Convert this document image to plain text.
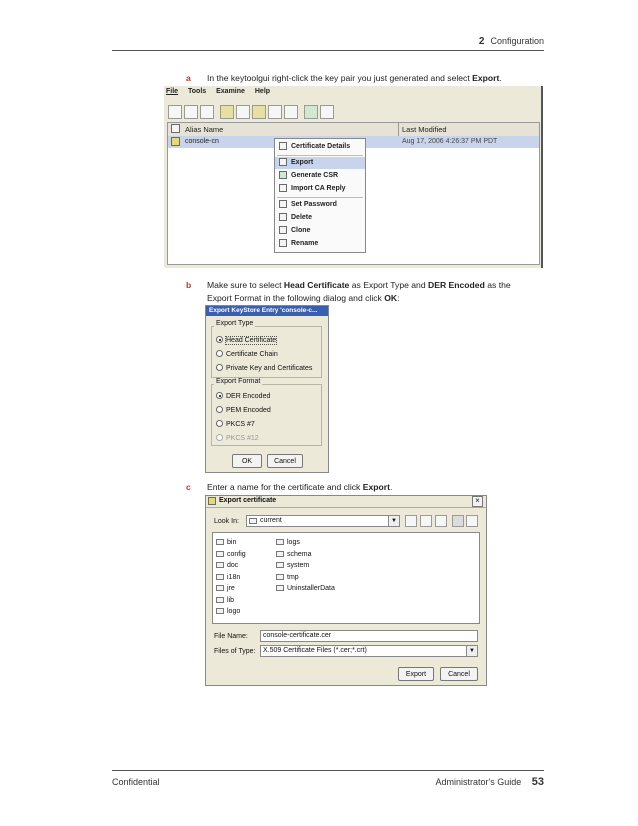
2 Configuration
a In the keytoolgui right-click the key pair you just generated and select Export.
File Tools Examine Help
Alias Name	Last Modified
console-cn	Aug 17, 2006 4:26:37 PM PDT
Certificate Details
Export
Generate CSR
Import CA Reply
Set Password
Delete
Clone
Rename
b Make sure to select Head Certificate as Export Type and DER Encoded as the
Export Format in the following dialog and click OK:
Export KeyStore Entry 'console-c...
Export Type
Head Certificate
Certificate Chain
Private Key and Certificates
Export Format
DER Encoded
PEM Encoded
PKCS #7
PKCS #12
OK	Cancel
c Enter a name for the certificate and click Export.
Export certificate	×
Look In:	current	▼
bin
config
doc
i18n
jre
lib
logo
logs
schema
system
tmp
UninstallerData
File Name: console-certificate.cer
Files of Type: X.509 Certificate Files (*.cer;*.crt)	▼
Export	Cancel
Confidential	Administrator's Guide 53
